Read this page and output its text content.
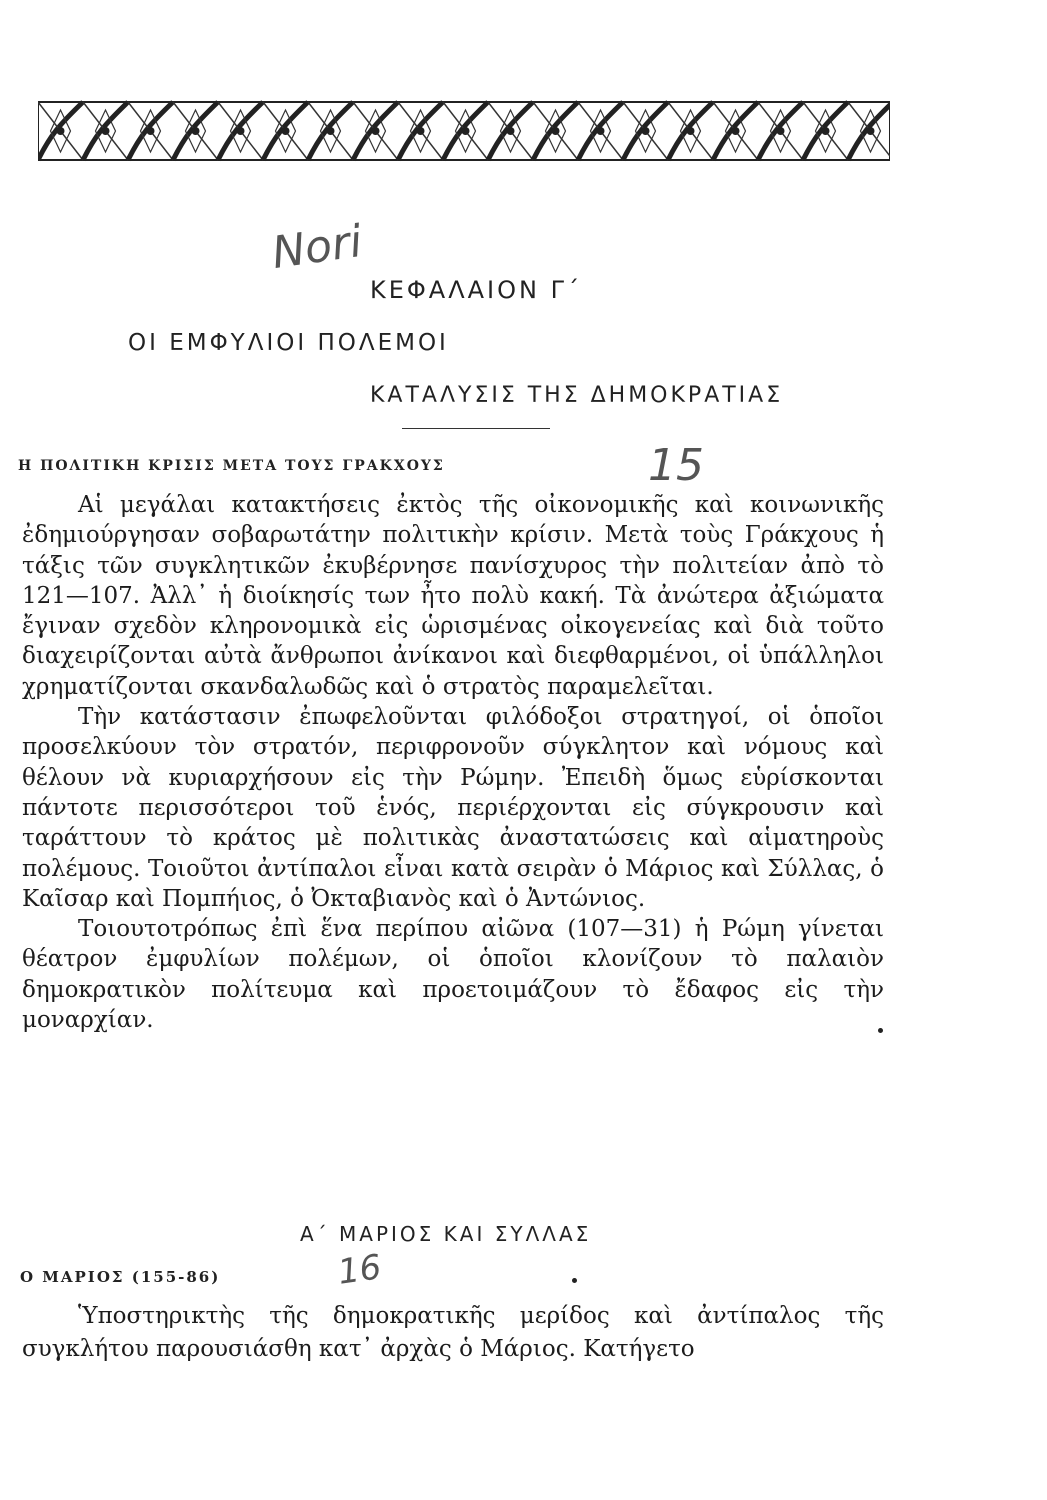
Nori
15
16
ΚΕΦΑΛΑΙΟΝ Γ΄
ΟΙ ΕΜΦΥΛΙΟΙ ΠΟΛΕΜΟΙ
ΚΑΤΑΛΥΣΙΣ ΤΗΣ ΔΗΜΟΚΡΑΤΙΑΣ
Η ΠΟΛΙΤΙΚΗ ΚΡΙΣΙΣ ΜΕΤΑ ΤΟΥΣ ΓΡΑΚΧΟΥΣ

Αἱ μεγάλαι κατακτήσεις ἐκτὸς τῆς οἰκονομικῆς καὶ κοινωνικῆς ἐδημιούργησαν σοβαρωτάτην πολιτικὴν κρίσιν. Μετὰ τοὺς Γράκχους ἡ τάξις τῶν συγκλητικῶν ἐκυβέρνησε πανίσχυρος τὴν πολιτείαν ἀπὸ τὸ 121—107. Ἀλλ᾽ ἡ διοίκησίς των ἦτο πολὺ κακή. Τὰ ἀνώτερα ἀξιώματα ἔγιναν σχεδὸν κληρονομικὰ εἰς ὡρισμένας οἰκογενείας καὶ διὰ τοῦτο διαχειρίζονται αὐτὰ ἄνθρωποι ἀνίκανοι καὶ διεφθαρμένοι, οἱ ὑπάλληλοι χρηματίζονται σκανδαλωδῶς καὶ ὁ στρατὸς παραμελεῖται.

Τὴν κατάστασιν ἐπωφελοῦνται φιλόδοξοι στρατηγοί, οἱ ὁποῖοι προσελκύουν τὸν στρατόν, περιφρονοῦν σύγκλητον καὶ νόμους καὶ θέλουν νὰ κυριαρχήσουν εἰς τὴν Ρώμην. Ἐπειδὴ ὅμως εὑρίσκονται πάντοτε περισσότεροι τοῦ ἑνός, περιέρχονται εἰς σύγκρουσιν καὶ ταράττουν τὸ κράτος μὲ πολιτικὰς ἀναστατώσεις καὶ αἱματηροὺς πολέμους. Τοιοῦτοι ἀντίπαλοι εἶναι κατὰ σειρὰν ὁ Μάριος καὶ Σύλλας, ὁ Καῖσαρ καὶ Πομπήιος, ὁ Ὀκταβιανὸς καὶ ὁ Ἀντώνιος.

Τοιουτοτρόπως ἐπὶ ἕνα περίπου αἰῶνα (107—31) ἡ Ρώμη γίνεται θέατρον ἐμφυλίων πολέμων, οἱ ὁποῖοι κλονίζουν τὸ παλαιὸν δημοκρατικὸν πολίτευμα καὶ προετοιμάζουν τὸ ἔδαφος εἰς τὴν μοναρχίαν.

Α΄ ΜΑΡΙΟΣ ΚΑΙ ΣΥΛΛΑΣ
Ο ΜΑΡΙΟΣ (155-86)

Ὑποστηρικτὴς τῆς δημοκρατικῆς μερίδος καὶ ἀντίπαλος τῆς συγκλήτου παρουσιάσθη κατ᾽ ἀρχὰς ὁ Μάριος. Κατήγετο
